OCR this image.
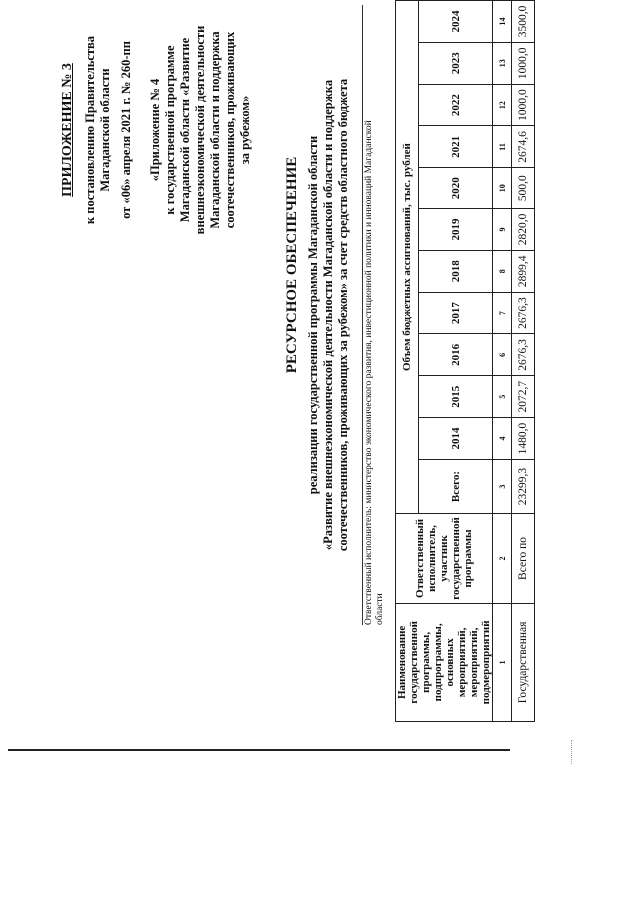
ПРИЛОЖЕНИЕ № 3 к постановлению Правительства Магаданской области от «06» апреля 2021 г. № 260-пп «Приложение № 4 к государственной программе Магаданской области «Развитие внешнеэкономической деятельности Магаданской области и поддержка соотечественников, проживающих за рубежом»
РЕСУРСНОЕ ОБЕСПЕЧЕНИЕ реализации государственной программы Магаданской области «Развитие внешнеэкономической деятельности Магаданской области и поддержка соотечественников, проживающих за рубежом» за счет средств областного бюджета Ответственный исполнитель: министерство экономического развития, инвестиционной политики и инноваций Магаданской области
Наименование государственной программы, подпрограммы, основных мероприятий, мероприятий, подмероприятий	Ответственный исполнитель, участник государственной программы	Объем бюджетных ассигнований, тыс. рублей											
		Всего:	2014	2015	2016	2017	2018	2019	2020	2021	2022	2023	2024
1	2	3	4	5	6	7	8	9	10	11	12	13	14
Государственная	Всего по	23299,3	1480,0	2072,7	2676,3	2676,3	2899,4	2820,0	500,0	2674,6	1000,0	1000,0	3500,0
